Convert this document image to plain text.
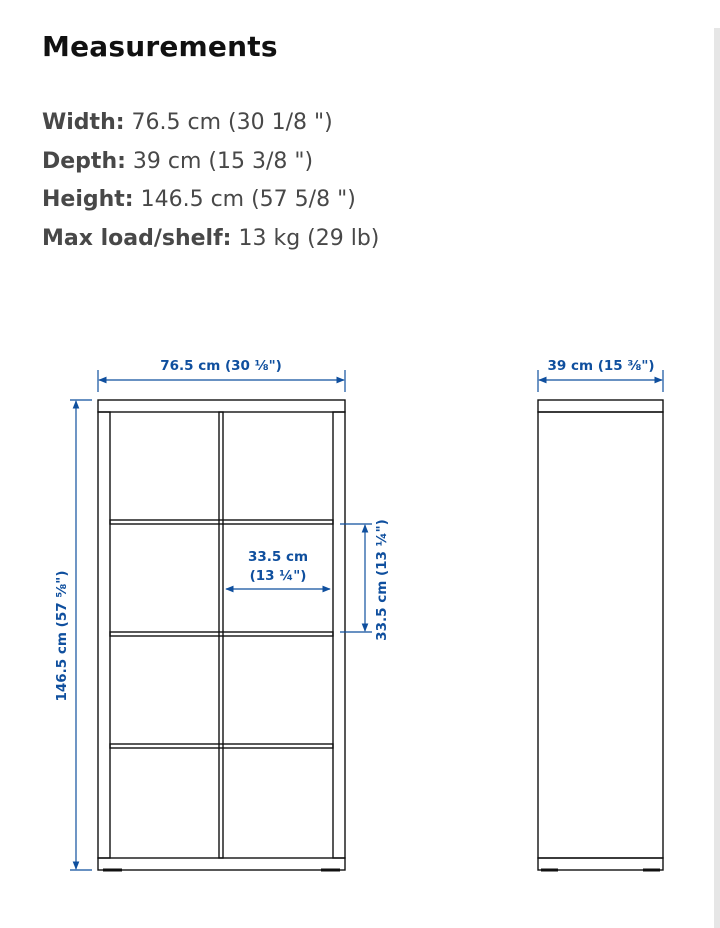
Measurements
Width: 76.5 cm (30 1/8 ")
Depth: 39 cm (15 3/8 ")
Height: 146.5 cm (57 5/8 ")
Max load/shelf: 13 kg (29 lb)
76.5 cm (30 ⅛")	39 cm (15 ⅜")
146.5 cm (57 ⅝")
33.5 cm
(13 ¼")	33.5 cm (13 ¼")
